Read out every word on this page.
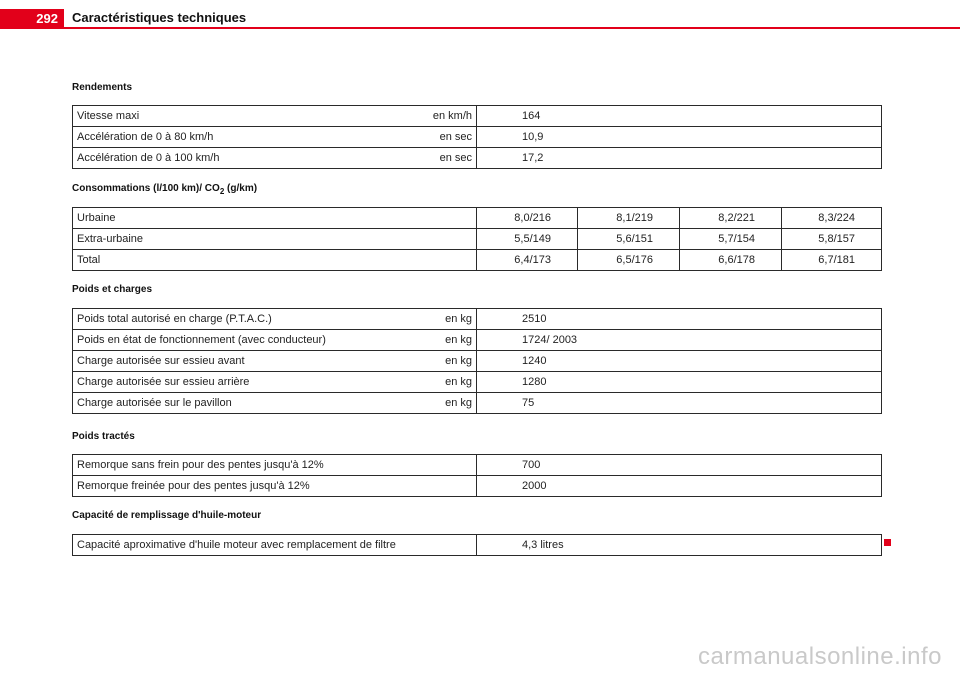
292	Caractéristiques techniques
Rendements
Vitesse maxi	en km/h	164
Accélération de 0 à 80 km/h	en sec	10,9
Accélération de 0 à 100 km/h	en sec	17,2
Consommations (l/100 km)/ $CO_2$ (g/km)
Urbaine	8,0/216	8,1/219	8,2/221	8,3/224
Extra-urbaine	5,5/149	5,6/151	5,7/154	5,8/157
Total	6,4/173	6,5/176	6,6/178	6,7/181
Poids et charges
Poids total autorisé en charge (P.T.A.C.)	en kg	2510
Poids en état de fonctionnement (avec conducteur)	en kg	1724/ 2003
Charge autorisée sur essieu avant	en kg	1240
Charge autorisée sur essieu arrière	en kg	1280
Charge autorisée sur le pavillon	en kg	75
Poids tractés
Remorque sans frein pour des pentes jusqu'à 12%	700
Remorque freinée pour des pentes jusqu'à 12%	2000
Capacité de remplissage d'huile-moteur
Capacité aproximative d'huile moteur avec remplacement de filtre	4,3 litres
carmanualsonline.info
